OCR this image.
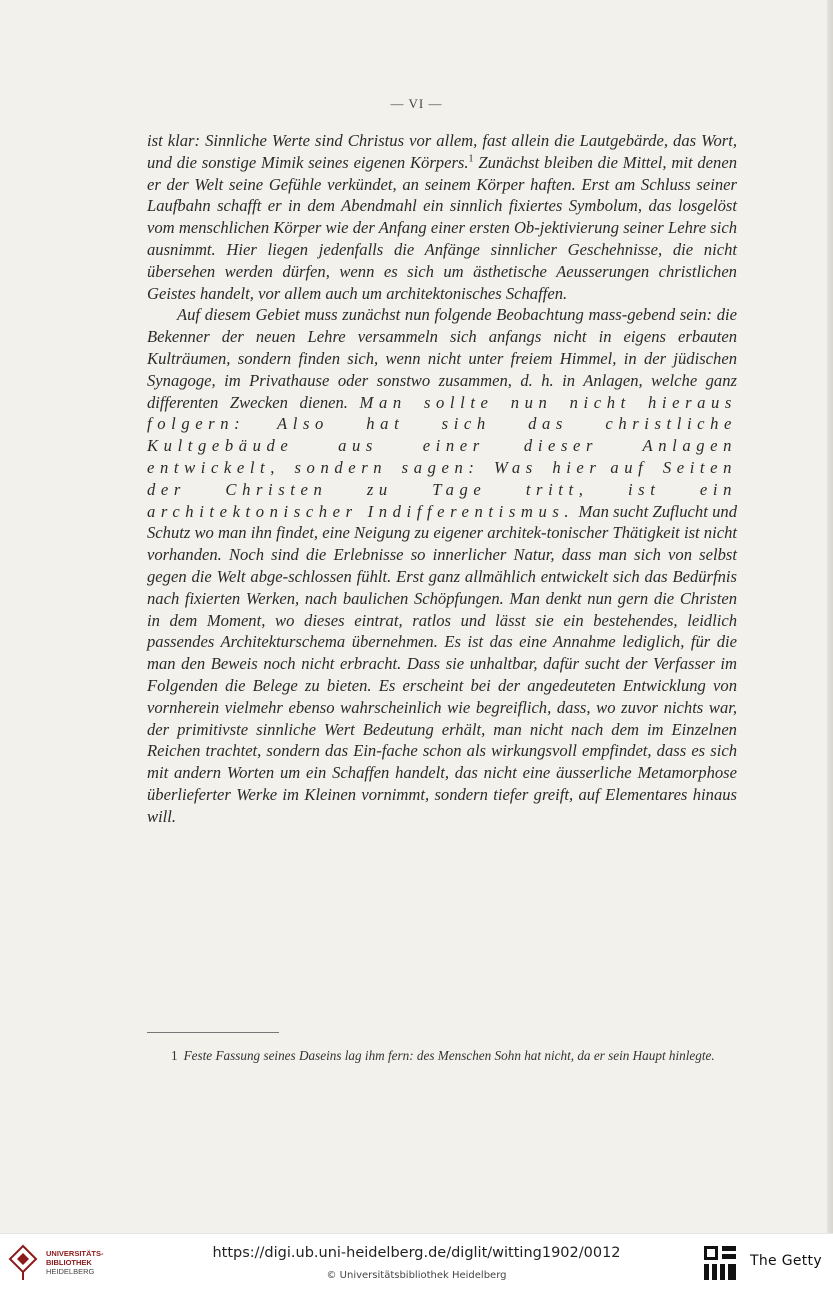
— VI —

ist klar: Sinnliche Werte sind Christus vor allem, fast allein die Lautgebärde, das Wort, und die sonstige Mimik seines eigenen Körpers.$^1$ Zunächst bleiben die Mittel, mit denen er der Welt seine Gefühle verkündet, an seinem Körper haften. Erst am Schluss seiner Laufbahn schafft er in dem Abendmahl ein sinnlich fixiertes Symbolum, das losgelöst vom menschlichen Körper wie der Anfang einer ersten Ob-jektivierung seiner Lehre sich ausnimmt. Hier liegen jedenfalls die Anfänge sinnlicher Geschehnisse, die nicht übersehen werden dürfen, wenn es sich um ästhetische Aeusserungen christlichen Geistes handelt, vor allem auch um architektonisches Schaffen.

Auf diesem Gebiet muss zunächst nun folgende Beobachtung mass-gebend sein: die Bekenner der neuen Lehre versammeln sich anfangs nicht in eigens erbauten Kulträumen, sondern finden sich, wenn nicht unter freiem Himmel, in der jüdischen Synagoge, im Privathause oder sonstwo zusammen, d. h. in Anlagen, welche ganz differenten Zwecken dienen. Man sollte nun nicht hieraus folgern: Also hat sich das christliche Kultgebäude aus einer dieser Anlagen entwickelt, sondern sagen: Was hier auf Seiten der Christen zu Tage tritt, ist ein architektonischer Indifferentismus. Man sucht Zuflucht und Schutz wo man ihn findet, eine Neigung zu eigener architek-tonischer Thätigkeit ist nicht vorhanden. Noch sind die Erlebnisse so innerlicher Natur, dass man sich von selbst gegen die Welt abge-schlossen fühlt. Erst ganz allmählich entwickelt sich das Bedürfnis nach fixierten Werken, nach baulichen Schöpfungen. Man denkt nun gern die Christen in dem Moment, wo dieses eintrat, ratlos und lässt sie ein bestehendes, leidlich passendes Architekturschema übernehmen. Es ist das eine Annahme lediglich, für die man den Beweis noch nicht erbracht. Dass sie unhaltbar, dafür sucht der Verfasser im Folgenden die Belege zu bieten. Es erscheint bei der angedeuteten Entwicklung von vornherein vielmehr ebenso wahrscheinlich wie begreiflich, dass, wo zuvor nichts war, der primitivste sinnliche Wert Bedeutung erhält, man nicht nach dem im Einzelnen Reichen trachtet, sondern das Ein-fache schon als wirkungsvoll empfindet, dass es sich mit andern Worten um ein Schaffen handelt, das nicht eine äusserliche Metamorphose überlieferter Werke im Kleinen vornimmt, sondern tiefer greift, auf Elementares hinaus will.

1 Feste Fassung seines Daseins lag ihm fern: des Menschen Sohn hat nicht, da er sein Haupt hinlegte.
UNIVERSITÄTS-
BIBLIOTHEK
HEIDELBERG
https://digi.ub.uni-heidelberg.de/diglit/witting1902/0012
© Universitätsbibliothek Heidelberg
The Getty
